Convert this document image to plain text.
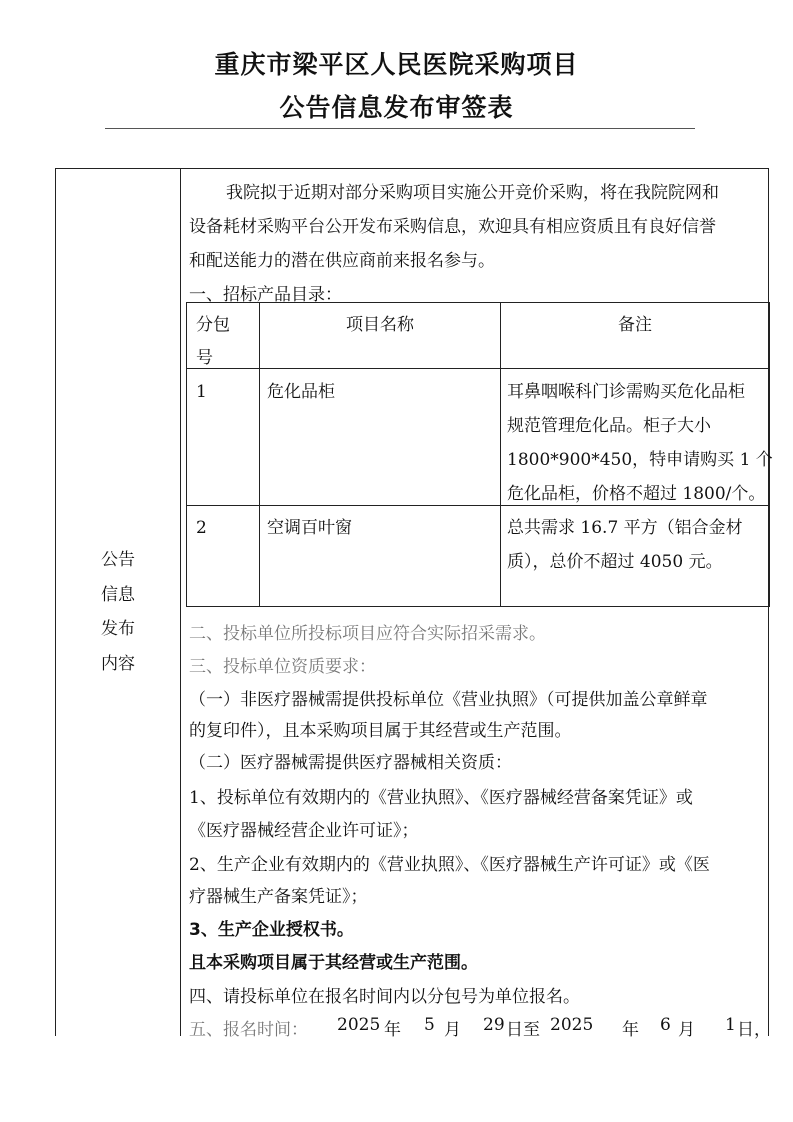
重庆市梁平区人民医院采购项目
公告信息发布审签表
公告
信息
发布
内容
我院拟于近期对部分采购项目实施公开竞价采购，将在我院院网和
设备耗材采购平台公开发布采购信息，欢迎具有相应资质且有良好信誉
和配送能力的潜在供应商前来报名参与。
一、招标产品目录：
分包
号
项目名称	备注
1	危化品柜	耳鼻咽喉科门诊需购买危化品柜
规范管理危化品。柜子大小
1800*900*450，特申请购买 1 个
危化品柜，价格不超过 1800/个。
2	空调百叶窗	总共需求 16.7 平方（铝合金材
质），总价不超过 4050 元。
二、投标单位所投标项目应符合实际招采需求。
三、投标单位资质要求：
（一）非医疗器械需提供投标单位《营业执照》（可提供加盖公章鲜章
的复印件），且本采购项目属于其经营或生产范围。
（二）医疗器械需提供医疗器械相关资质：
1、投标单位有效期内的《营业执照》、《医疗器械经营备案凭证》或
《医疗器械经营企业许可证》；
2、生产企业有效期内的《营业执照》、《医疗器械生产许可证》或《医
疗器械生产备案凭证》；
3、生产企业授权书。
且本采购项目属于其经营或生产范围。
四、请投标单位在报名时间内以分包号为单位报名。
五、报名时间： 2025 年 5 月 29 日至 2025 年 6 月 1 日，
